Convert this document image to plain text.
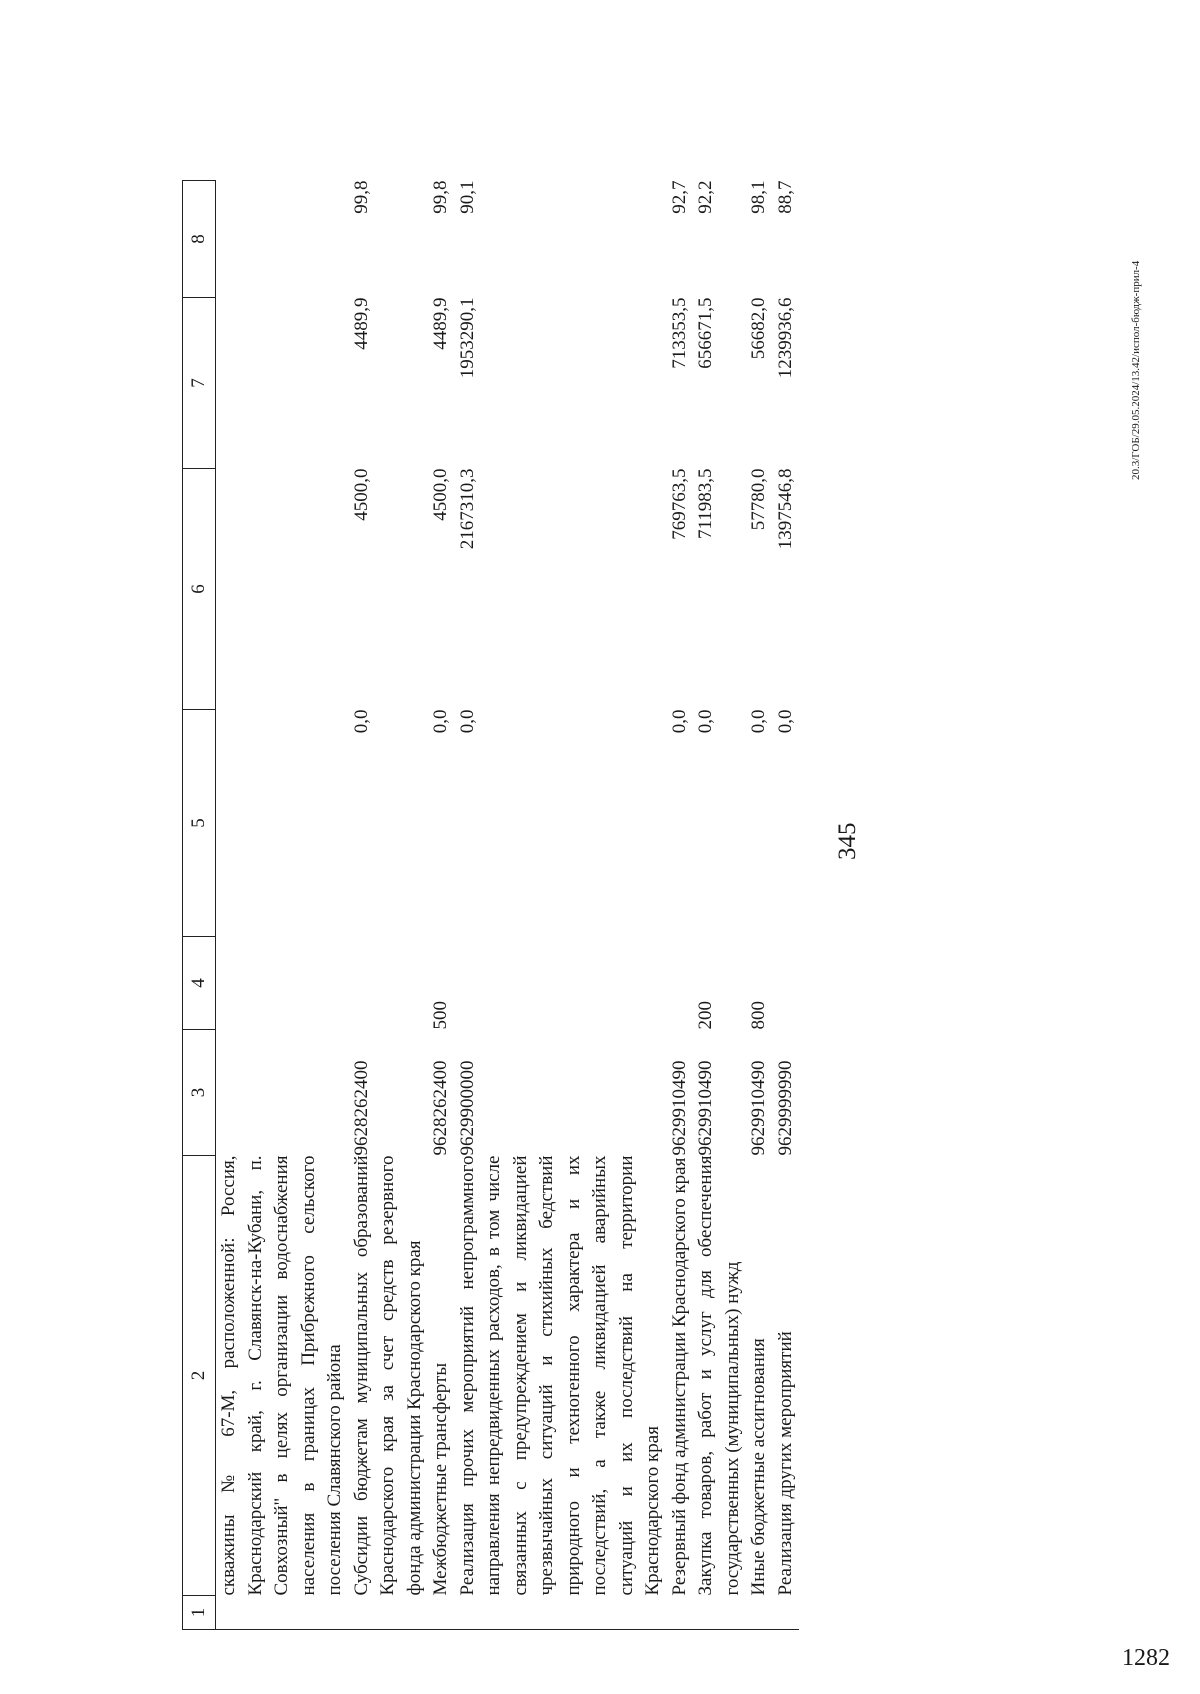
345
1	2	3	4	5	6	7	8
	скважины № 67-М, расположенной: Россия, Краснодарский край, г. Славянск-на-Кубани, п. Совхозный" в целях организации водоснабжения населения в границах Прибрежного сельского поселения Славянского района						
	Субсидии бюджетам муниципальных образований Краснодарского края за счет средств резервного фонда администрации Краснодарского края	9628262400		0,0	4500,0	4489,9	99,8
	Межбюджетные трансферты	9628262400	500	0,0	4500,0	4489,9	99,8
	Реализация прочих мероприятий непрограммного направления непредвиденных расходов, в том числе связанных с предупреждением и ликвидацией чрезвычайных ситуаций и стихийных бедствий природного и техногенного характера и их последствий, а также ликвидацией аварийных ситуаций и их последствий на территории Краснодарского края	9629900000		0,0	2167310,3	1953290,1	90,1
	Резервный фонд администрации Краснодарского края	9629910490		0,0	769763,5	713353,5	92,7
	Закупка товаров, работ и услуг для обеспечения государственных (муниципальных) нужд	9629910490	200	0,0	711983,5	656671,5	92,2
	Иные бюджетные ассигнования	9629910490	800	0,0	57780,0	56682,0	98,1
	Реализация других мероприятий	9629999990		0,0	1397546,8	1239936,6	88,7
20.3/ГОБ/29.05.2024/13.42/испол-бюдж-прил-4
1282
